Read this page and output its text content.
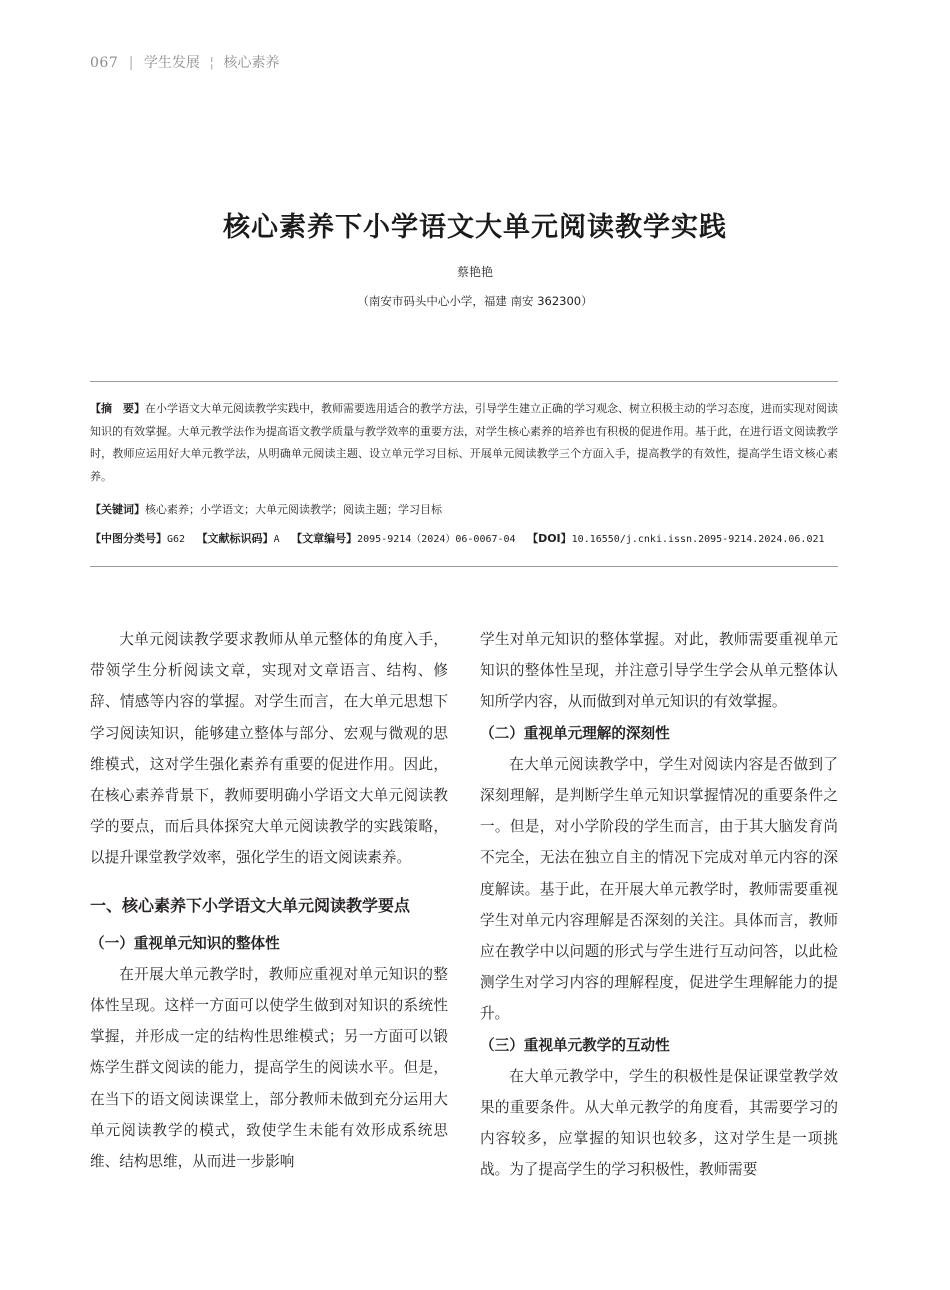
067 | 学生发展 ¦ 核心素养
核心素养下小学语文大单元阅读教学实践
蔡艳艳
（南安市码头中心小学，福建 南安 362300）
【摘　要】在小学语文大单元阅读教学实践中，教师需要选用适合的教学方法，引导学生建立正确的学习观念、树立积极主动的学习态度，进而实现对阅读知识的有效掌握。大单元教学法作为提高语文教学质量与教学效率的重要方法，对学生核心素养的培养也有积极的促进作用。基于此，在进行语文阅读教学时，教师应运用好大单元教学法，从明确单元阅读主题、设立单元学习目标、开展单元阅读教学三个方面入手，提高教学的有效性，提高学生语文核心素养。
【关键词】核心素养；小学语文；大单元阅读教学；阅读主题；学习目标
【中图分类号】G62 【文献标识码】A 【文章编号】2095-9214（2024）06-0067-04 【DOI】10.16550/j.cnki.issn.2095-9214.2024.06.021

大单元阅读教学要求教师从单元整体的角度入手，带领学生分析阅读文章，实现对文章语言、结构、修辞、情感等内容的掌握。对学生而言，在大单元思想下学习阅读知识，能够建立整体与部分、宏观与微观的思维模式，这对学生强化素养有重要的促进作用。因此，在核心素养背景下，教师要明确小学语文大单元阅读教学的要点，而后具体探究大单元阅读教学的实践策略，以提升课堂教学效率，强化学生的语文阅读素养。

一、核心素养下小学语文大单元阅读教学要点
（一）重视单元知识的整体性

在开展大单元教学时，教师应重视对单元知识的整体性呈现。这样一方面可以使学生做到对知识的系统性掌握，并形成一定的结构性思维模式；另一方面可以锻炼学生群文阅读的能力，提高学生的阅读水平。但是，在当下的语文阅读课堂上，部分教师未做到充分运用大单元阅读教学的模式，致使学生未能有效形成系统思维、结构思维，从而进一步影响

学生对单元知识的整体掌握。对此，教师需要重视单元知识的整体性呈现，并注意引导学生学会从单元整体认知所学内容，从而做到对单元知识的有效掌握。

（二）重视单元理解的深刻性

在大单元阅读教学中，学生对阅读内容是否做到了深刻理解，是判断学生单元知识掌握情况的重要条件之一。但是，对小学阶段的学生而言，由于其大脑发育尚不完全，无法在独立自主的情况下完成对单元内容的深度解读。基于此，在开展大单元教学时，教师需要重视学生对单元内容理解是否深刻的关注。具体而言，教师应在教学中以问题的形式与学生进行互动问答，以此检测学生对学习内容的理解程度，促进学生理解能力的提升。

（三）重视单元教学的互动性

在大单元教学中，学生的积极性是保证课堂教学效果的重要条件。从大单元教学的角度看，其需要学习的内容较多，应掌握的知识也较多，这对学生是一项挑战。为了提高学生的学习积极性，教师需要
